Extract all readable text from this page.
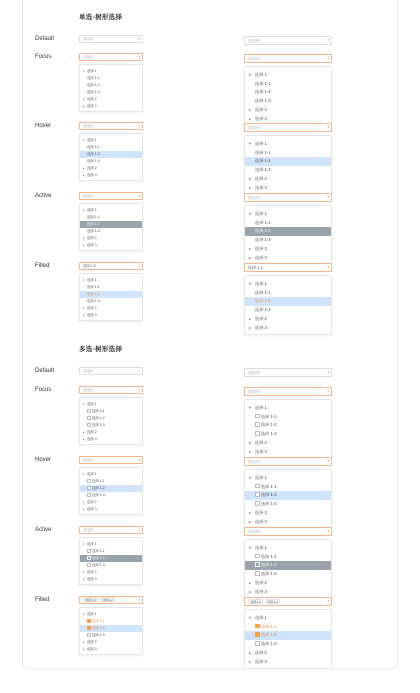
单选-树形选择
Default	请选择	▾	请选择	▾
Focus	请选择	▾
▾ 选择 1
选择 1-1
选择 1-2
选择 1-3
▸ 选择 2
▸ 选择 3
请选择	▾
▾ 选择 1
选择 1-1
选择 1-2
选择 1-3
▸ 选择 2
▸ 选择 3
Hover	请选择	▾
▾ 选择 1
选择 1-1
选择 1-2
选择 1-3
▸ 选择 2
▸ 选择 3
请选择	▾
▾ 选择 1
选择 1-1
选择 1-2
选择 1-3
▸ 选择 2
▸ 选择 3
Active	请选择	▾
▾ 选择 1
选择 1-1
选择 1-2
选择 1-3
▸ 选择 2
▸ 选择 3
请选择	▾
▾ 选择 1
选择 1-1
选择 1-2
选择 1-3
▸ 选择 2
▸ 选择 3
Filled	选择 1-2	▾
▾ 选择 1
选择 1-1
选择 1-2
选择 1-3
▸ 选择 2
▸ 选择 3
选择 1-2	▾
▾ 选择 1
选择 1-1
选择 1-2
选择 1-3
▸ 选择 2
▸ 选择 3
多选-树形选择
Default	请选择	▾	请选择	▾
Focus	请选择	▾
▾ 选择 1
选择 1-1
选择 1-2
选择 1-3
▸ 选择 2
▸ 选择 3
请选择	▾
▾ 选择 1
选择 1-1
选择 1-2
选择 1-3
▸ 选择 2
▸ 选择 3
Hover	请选择	▾
▾ 选择 1
选择 1-1
选择 1-2
选择 1-3
▸ 选择 2
▸ 选择 3
请选择	▾
▾ 选择 1
选择 1-1
选择 1-2
选择 1-3
▸ 选择 2
▸ 选择 3
Active	请选择	▾
▾ 选择 1
选择 1-1
选择 1-2
选择 1-3
▸ 选择 2
▸ 选择 3
请选择	▾
▾ 选择 1
选择 1-1
选择 1-2
选择 1-3
▸ 选择 2
▸ 选择 3
Filled	选择 1-1 选择 1-2	▾
▾ 选择 1
选择 1-1
选择 1-2
选择 1-3
▸ 选择 2
▸ 选择 3
选择 1-1 选择 1-2	▾
▾ 选择 1
选择 1-1
选择 1-2
选择 1-3
▸ 选择 2
▸ 选择 3
